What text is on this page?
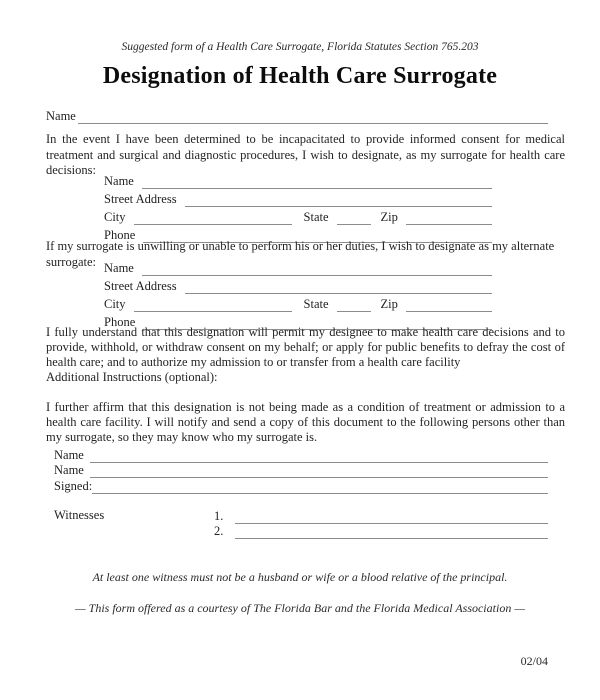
Suggested form of a Health Care Surrogate, Florida Statutes Section 765.203
Designation of Health Care Surrogate
Name
In the event I have been determined to be incapacitated to provide informed consent for medical treatment and surgical and diagnostic procedures, I wish to designate, as my surrogate for health care decisions:
Name
Street Address
City	State	Zip
Phone
If my surrogate is unwilling or unable to perform his or her duties, I wish to designate as my alternate surrogate: Name
Street Address
City	State	Zip
Phone
I fully understand that this designation will permit my designee to make health care decisions and to provide, withhold, or withdraw consent on my behalf; or apply for public benefits to defray the cost of health care; and to authorize my admission to or transfer from a health care facility
Additional Instructions (optional):
I further affirm that this designation is not being made as a condition of treatment or admission to a health care facility. I will notify and send a copy of this document to the following persons other than my surrogate, so they may know who my surrogate is.
Name
Name
Signed:
Witnesses	1.
2.
At least one witness must not be a husband or wife or a blood relative of the principal.
— This form offered as a courtesy of The Florida Bar and the Florida Medical Association —
02/04
